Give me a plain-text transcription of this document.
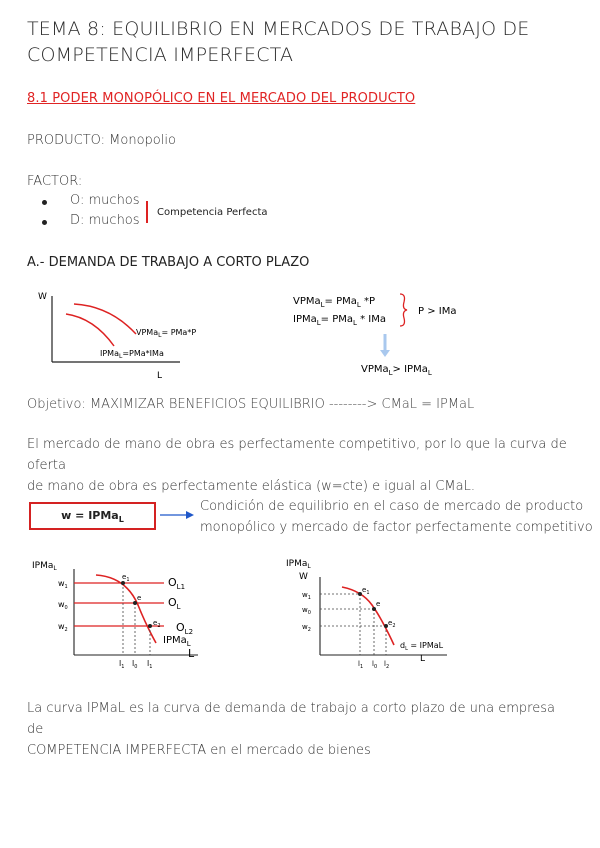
TEMA 8: EQUILIBRIO EN MERCADOS DE TRABAJO DE
COMPETENCIA IMPERFECTA
8.1 PODER MONOPÓLICO EN EL MERCADO DEL PRODUCTO
PRODUCTO: Monopolio
FACTOR:
O: muchos
D: muchos
Competencia Perfecta
A.- DEMANDA DE TRABAJO A CORTO PLAZO
W
L
VPMa$_L$= PMa*P
IPMa$_L$=PMa*IMa
VPMa$_L$= PMa$_L$ *P
IPMa$_L$= PMa$_L$ * IMa
P > IMa
VPMa$_L$> IPMa$_L$
Objetivo: MAXIMIZAR BENEFICIOS EQUILIBRIO --------> CMaL = IPMaL
El mercado de mano de obra es perfectamente competitivo, por lo que la curva de oferta
de mano de obra es perfectamente elástica (w=cte) e igual al CMaL.
w = IPMa$_L$
Condición de equilibrio en el caso de mercado de producto
monopólico y mercado de factor perfectamente competitivo
IPMa$_L$
$w_1$
$w_0$
$w_2$
$e_1$
e
$e_2$
$O_{L1}$
$O_L$
$O_{L2}$
IPMa$_L$
L
$l_1$ $l_0$ $l_1$
IPMa$_L$
W
$w_1$
$w_0$
$w_2$
$e_1$
e
$e_2$
$d_L$ = IPMaL
L
$l_1$ $l_0$ $l_2$
La curva IPMaL es la curva de demanda de trabajo a corto plazo de una empresa de
COMPETENCIA IMPERFECTA en el mercado de bienes
